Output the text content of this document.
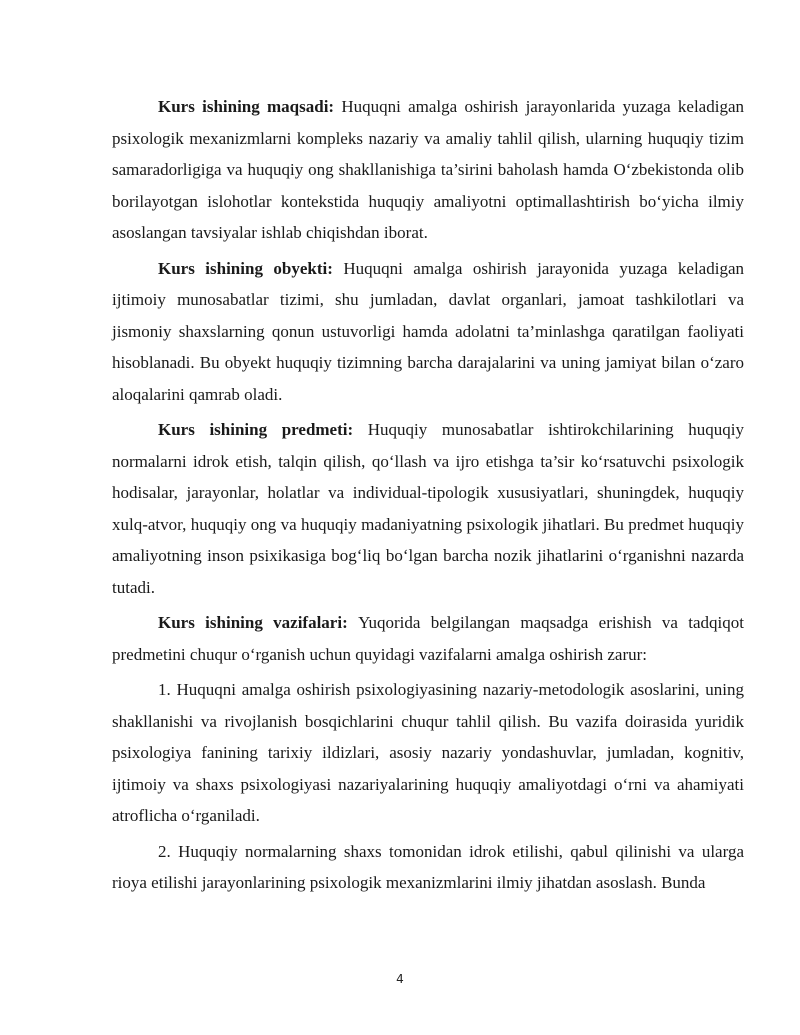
Kurs ishining maqsadi: Huquqni amalga oshirish jarayonlarida yuzaga keladigan psixologik mexanizmlarni kompleks nazariy va amaliy tahlil qilish, ularning huquqiy tizim samaradorligiga va huquqiy ong shakllanishiga ta’sirini baholash hamda O‘zbekistonda olib borilayotgan islohotlar kontekstida huquqiy amaliyotni optimallashtirish bo‘yicha ilmiy asoslangan tavsiyalar ishlab chiqishdan iborat.

Kurs ishining obyekti: Huquqni amalga oshirish jarayonida yuzaga keladigan ijtimoiy munosabatlar tizimi, shu jumladan, davlat organlari, jamoat tashkilotlari va jismoniy shaxslarning qonun ustuvorligi hamda adolatni ta’minlashga qaratilgan faoliyati hisoblanadi. Bu obyekt huquqiy tizimning barcha darajalarini va uning jamiyat bilan o‘zaro aloqalarini qamrab oladi.

Kurs ishining predmeti: Huquqiy munosabatlar ishtirokchilarining huquqiy normalarni idrok etish, talqin qilish, qo‘llash va ijro etishga ta’sir ko‘rsatuvchi psixologik hodisalar, jarayonlar, holatlar va individual-tipologik xususiyatlari, shuningdek, huquqiy xulq-atvor, huquqiy ong va huquqiy madaniyatning psixologik jihatlari. Bu predmet huquqiy amaliyotning inson psixikasiga bog‘liq bo‘lgan barcha nozik jihatlarini o‘rganishni nazarda tutadi.

Kurs ishining vazifalari: Yuqorida belgilangan maqsadga erishish va tadqiqot predmetini chuqur o‘rganish uchun quyidagi vazifalarni amalga oshirish zarur:

1. Huquqni amalga oshirish psixologiyasining nazariy-metodologik asoslarini, uning shakllanishi va rivojlanish bosqichlarini chuqur tahlil qilish. Bu vazifa doirasida yuridik psixologiya fanining tarixiy ildizlari, asosiy nazariy yondashuvlar, jumladan, kognitiv, ijtimoiy va shaxs psixologiyasi nazariyalarining huquqiy amaliyotdagi o‘rni va ahamiyati atroflicha o‘rganiladi.

2. Huquqiy normalarning shaxs tomonidan idrok etilishi, qabul qilinishi va ularga rioya etilishi jarayonlarining psixologik mexanizmlarini ilmiy jihatdan asoslash. Bunda

4
